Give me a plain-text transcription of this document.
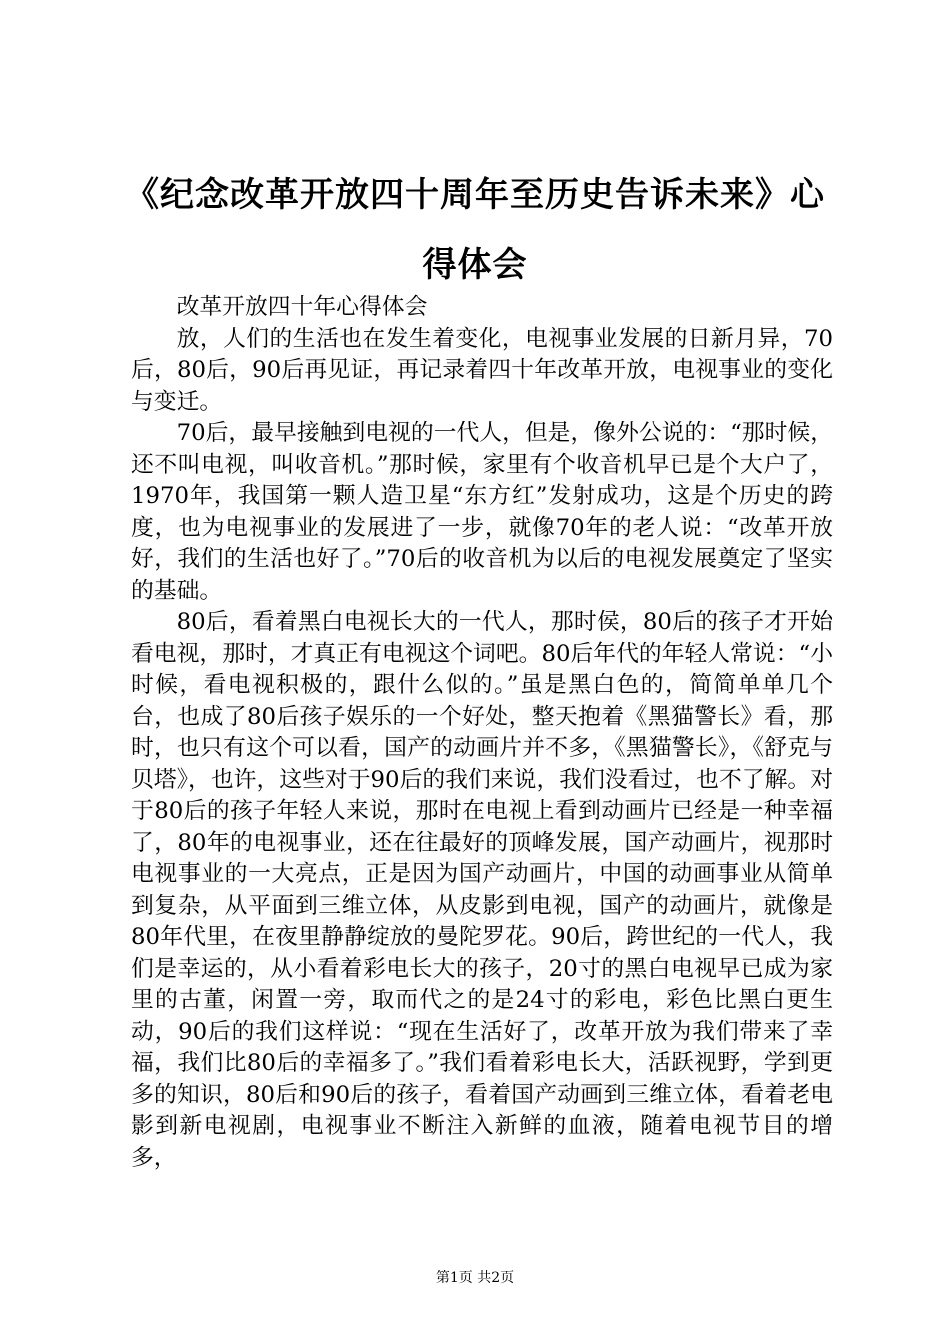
《纪念改革开放四十周年至历史告诉未来》心得体会

改革开放四十年心得体会

放，人们的生活也在发生着变化，电视事业发展的日新月异，70后，80后，90后再见证，再记录着四十年改革开放，电视事业的变化与变迁。

70后，最早接触到电视的一代人，但是，像外公说的：“那时候，还不叫电视，叫收音机。”那时候，家里有个收音机早已是个大户了，1970年，我国第一颗人造卫星“东方红”发射成功，这是个历史的跨度，也为电视事业的发展进了一步，就像70年的老人说：“改革开放好，我们的生活也好了。”70后的收音机为以后的电视发展奠定了坚实的基础。

80后，看着黑白电视长大的一代人，那时侯，80后的孩子才开始看电视，那时，才真正有电视这个词吧。80后年代的年轻人常说：“小时候，看电视积极的，跟什么似的。”虽是黑白色的，简简单单几个台，也成了80后孩子娱乐的一个好处，整天抱着《黑猫警长》看，那时，也只有这个可以看，国产的动画片并不多，《黑猫警长》，《舒克与贝塔》，也许，这些对于90后的我们来说，我们没看过，也不了解。对于80后的孩子年轻人来说，那时在电视上看到动画片已经是一种幸福了，80年的电视事业，还在往最好的顶峰发展，国产动画片，视那时电视事业的一大亮点，正是因为国产动画片，中国的动画事业从简单到复杂，从平面到三维立体，从皮影到电视，国产的动画片，就像是80年代里，在夜里静静绽放的曼陀罗花。90后，跨世纪的一代人，我们是幸运的，从小看着彩电长大的孩子，20寸的黑白电视早已成为家里的古董，闲置一旁，取而代之的是24寸的彩电，彩色比黑白更生动，90后的我们这样说：“现在生活好了，改革开放为我们带来了幸福，我们比80后的幸福多了。”我们看着彩电长大，活跃视野，学到更多的知识，80后和90后的孩子，看着国产动画到三维立体，看着老电影到新电视剧，电视事业不断注入新鲜的血液，随着电视节目的增多，

第1页 共2页
